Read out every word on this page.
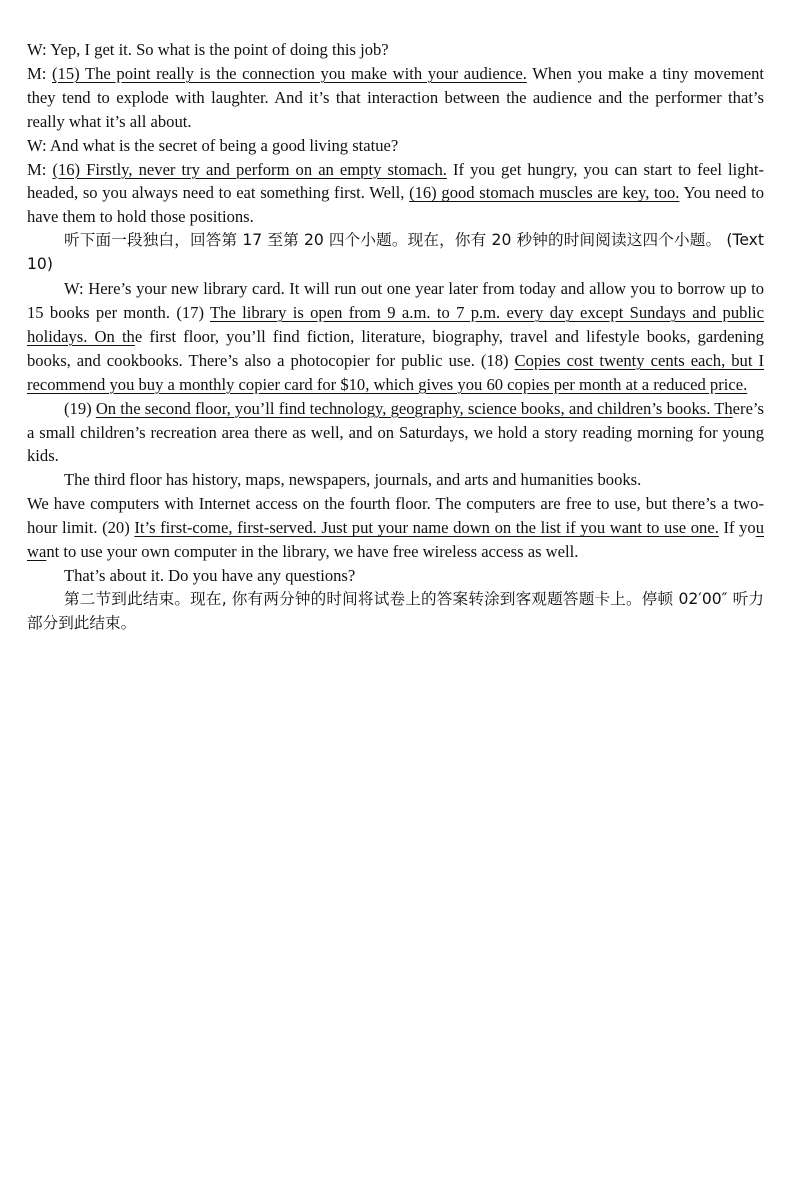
W: Yep, I get it. So what is the point of doing this job?

M: (15) The point really is the connection you make with your audience. When you make a tiny movement they tend to explode with laughter. And it’s that interaction between the audience and the performer that’s really what it’s all about.

W: And what is the secret of being a good living statue?

M: (16) Firstly, never try and perform on an empty stomach. If you get hungry, you can start to feel light-headed, so you always need to eat something first. Well, (16) good stomach muscles are key, too. You need to have them to hold those positions.

听下面一段独白，回答第 17 至第 20 四个小题。现在，你有 20 秒钟的时间阅读这四个小题。 (Text 10)

W: Here’s your new library card. It will run out one year later from today and allow you to borrow up to 15 books per month. (17) The library is open from 9 a.m. to 7 p.m. every day except Sundays and public holidays. On the first floor, you’ll find fiction, literature, biography, travel and lifestyle books, gardening books, and cookbooks. There’s also a photocopier for public use. (18) Copies cost twenty cents each, but I recommend you buy a monthly copier card for $10, which gives you 60 copies per month at a reduced price.

(19) On the second floor, you’ll find technology, geography, science books, and children’s books. There’s a small children’s recreation area there as well, and on Saturdays, we hold a story reading morning for young kids.

The third floor has history, maps, newspapers, journals, and arts and humanities books.

We have computers with Internet access on the fourth floor. The computers are free to use, but there’s a two-hour limit. (20) It’s first-come, first-served. Just put your name down on the list if you want to use one. If you want to use your own computer in the library, we have free wireless access as well.

That’s about it. Do you have any questions?

第二节到此结束。现在, 你有两分钟的时间将试卷上的答案转涂到客观题答题卡上。停顿 02′00″ 听力部分到此结束。
